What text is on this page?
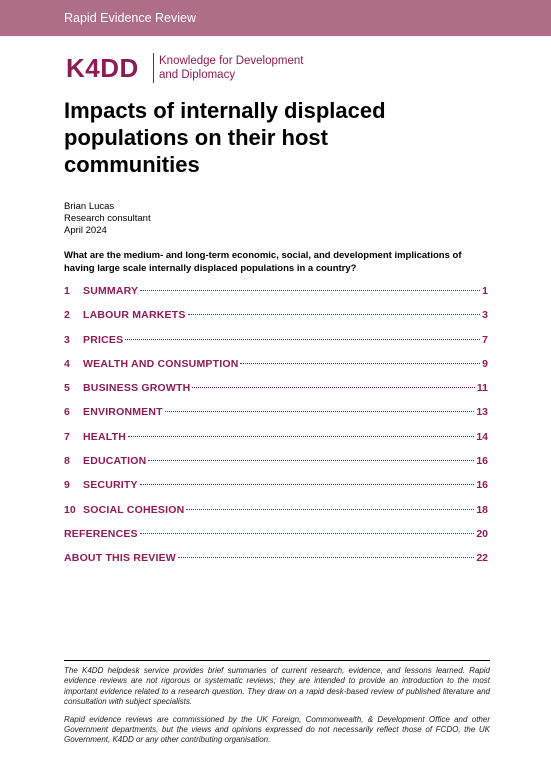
Rapid Evidence Review
K4DD Knowledge for Development
and Diplomacy
Impacts of internally displaced populations on their host communities
Brian Lucas
Research consultant
April 2024
What are the medium- and long-term economic, social, and development implications of having large scale internally displaced populations in a country?
1	SUMMARY	1
2	LABOUR MARKETS	3
3	PRICES	7
4	WEALTH AND CONSUMPTION	9
5	BUSINESS GROWTH	11
6	ENVIRONMENT	13
7	HEALTH	14
8	EDUCATION	16
9	SECURITY	16
10 SOCIAL COHESION	18
REFERENCES	20
ABOUT THIS REVIEW	22

The K4DD helpdesk service provides brief summaries of current research, evidence, and lessons learned. Rapid evidence reviews are not rigorous or systematic reviews; they are intended to provide an introduction to the most important evidence related to a research question. They draw on a rapid desk-based review of published literature and consultation with subject specialists.

Rapid evidence reviews are commissioned by the UK Foreign, Commonwealth, & Development Office and other Government departments, but the views and opinions expressed do not necessarily reflect those of FCDO, the UK Government, K4DD or any other contributing organisation.
